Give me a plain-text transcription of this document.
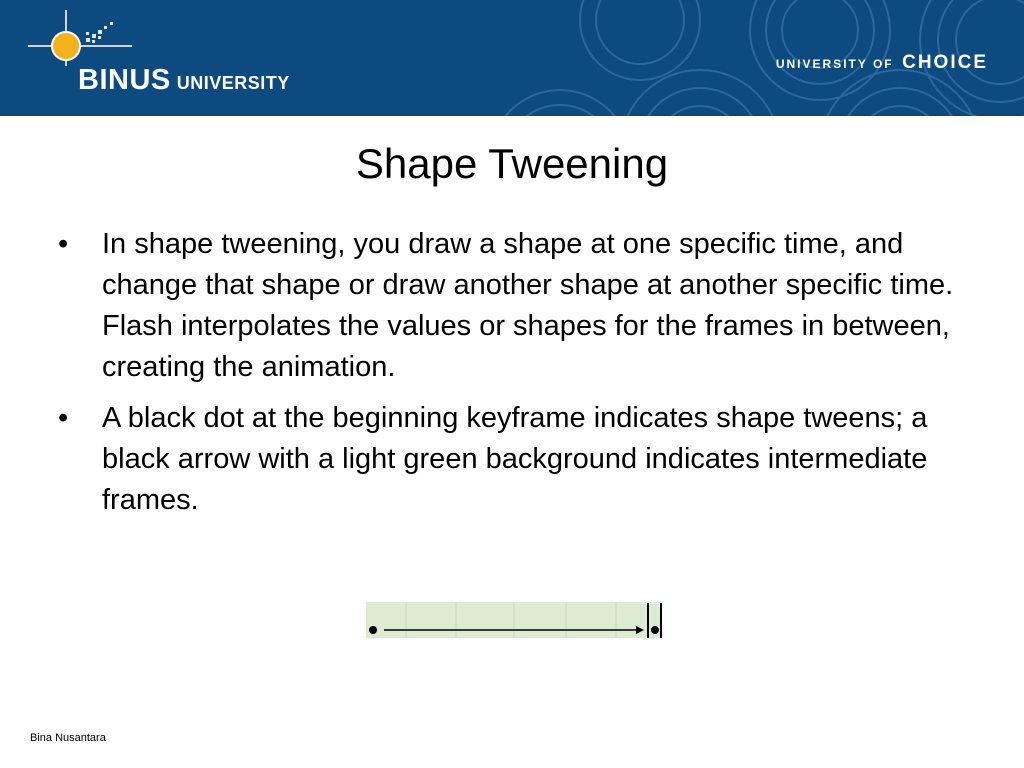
BINUS UNIVERSITY
UNIVERSITY OF CHOICE
Shape Tweening
• In shape tweening, you draw a shape at one specific time, and change that shape or draw another shape at another specific time. Flash interpolates the values or shapes for the frames in between, creating the animation.
• A black dot at the beginning keyframe indicates shape tweens; a black arrow with a light green background indicates intermediate frames.
Bina Nusantara
